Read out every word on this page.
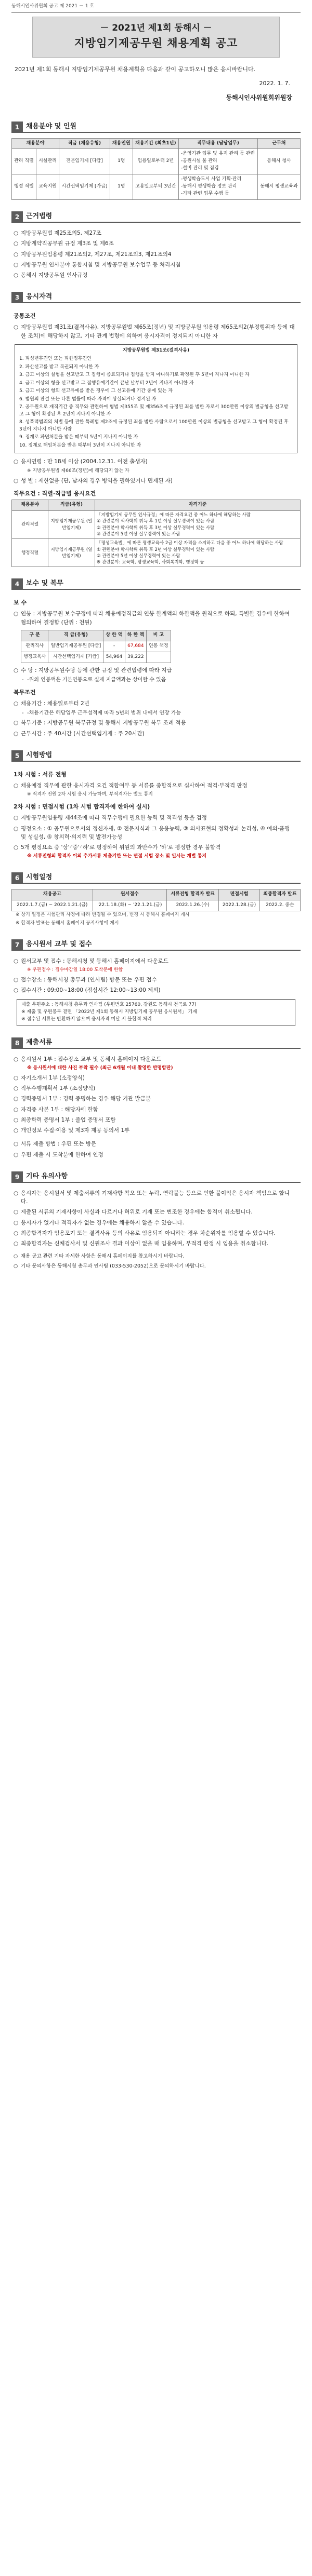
동해시인사위원회 공고 제 2021 － 1 호
－ 2021년 제1회 동해시 －
지방임기제공무원 채용계획 공고
2021년 제1회 동해시 지방임기제공무원 채용계획을 다음과 같이 공고하오니 많은 응시바랍니다.
2022. 1. 7.
동해시인사위원회위원장
1 채용분야 및 인원
채용분야		직급 (채용유형)	채용인원	채용기간 (최초1년)	직무내용 (담당업무)	근무처
관리 직렬	시설관리	전문임기제 [다급]	1명	임용일로부터 2년	-운영기관 업무 및 유지 관리 등 관련
-공원시설 물 관리
-설비 관리 및 점검	동해시 청사
행정 직렬	교육지원	시간선택임기제 [가급]	1명	고용일로부터 3년간	-평생학습도시 사업 기획·관리
-동해시 평생학습 정보 관리
-기타 관련 업무 수행 등	동해시 평생교육과
2 근거법령
○ 지방공무원법 제25조의5, 제27조
○ 지방계약직공무원 규정 제3조 및 제6조
○ 지방공무원임용령 제21조의2, 제27조, 제21조의3, 제21조의4
○ 지방공무원 인사분야 통합지침 및 지방공무원 보수업무 등 처리지침
○ 동해시 지방공무원 인사규정
3 응시자격
공통조건
○ 지방공무원법 제31조(결격사유), 지방공무원법 제65조(정년) 및 지방공무원 임용령 제65조의2(부정행위자 등에 대한 조치)에 해당하지 않고, 기타 관계 법령에 의하여 응시자격이 정지되지 아니한 자
지방공무원법 제31조(결격사유)

1. 피성년후견인 또는 피한정후견인

2. 파산선고를 받고 복권되지 아니한 자

3. 금고 이상의 실형을 선고받고 그 집행이 종료되거나 집행을 받지 아니하기로 확정된 후 5년이 지나지 아니한 자

4. 금고 이상의 형을 선고받고 그 집행유예기간이 끝난 날부터 2년이 지나지 아니한 자

5. 금고 이상의 형의 선고유예를 받은 경우에 그 선고유예 기간 중에 있는 자

6. 법원의 판결 또는 다른 법률에 따라 자격이 상실되거나 정지된 자

7. 공무원으로 재직기간 중 직무와 관련하여 형법 제355조 및 제356조에 규정된 죄를 범한 자로서 300만원 이상의 벌금형을 선고받고 그 형이 확정된 후 2년이 지나지 아니한 자

8. 성폭력범죄의 처벌 등에 관한 특례법 제2조에 규정된 죄를 범한 사람으로서 100만원 이상의 벌금형을 선고받고 그 형이 확정된 후 3년이 지나지 아니한 사람

9. 징계로 파면처분을 받은 때부터 5년이 지나지 아니한 자

10. 징계로 해임처분을 받은 때부터 3년이 지나지 아니한 자

○ 응시연령 : 만 18세 이상 (2004.12.31. 이전 출생자)
※ 지방공무원법 제66조(정년)에 해당되지 않는 자
○ 성 별 : 제한없음 (단, 남자의 경우 병역을 필하였거나 면제된 자)
직무요건 : 직렬·직급별 응시요건
채용분야	직급(유형)	자격기준
관리직렬	지방임기제공무원 (일반임기제)	「지방임기제 공무원 인사규정」에 따른 자격요건 중 어느 하나에 해당하는 사람
① 관련분야 석사학위 취득 후 1년 이상 실무경력이 있는 사람
② 관련분야 학사학위 취득 후 3년 이상 실무경력이 있는 사람
③ 관련분야 5년 이상 실무경력이 있는 사람
행정직렬	지방임기제공무원 (일반임기제)	「평생교육법」에 따른 평생교육사 2급 이상 자격을 소지하고 다음 중 어느 하나에 해당하는 사람
① 관련분야 학사학위 취득 후 2년 이상 실무경력이 있는 사람
② 관련분야 5년 이상 실무경력이 있는 사람
※ 관련분야: 교육학, 평생교육학, 사회복지학, 행정학 등
4 보수 및 복무
보 수
○ 연봉 : 지방공무원 보수규정에 따라 채용예정직급의 연봉 한계액의 하한액을 원칙으로 하되, 특별한 경우에 한하여 협의하여 결정함 (단위 : 천원)
구 분	직 급(유형)	상 한 액	하 한 액	비 고
관리직사	일반임기제공무원 [다급]	-	67,684	연봉 책정
행정교육사	시간선택임기제 [가급]	54,964	39,222	
○ 수 당 : 지방공무원수당 등에 관한 규정 및 관련법령에 따라 지급
- -위의 연봉액은 기본연봉으로 실제 지급액과는 상이할 수 있음
복무조건
○ 채용기간 : 채용일로부터 2년
- -채용기간은 해당업무 근무성적에 따라 5년의 범위 내에서 연장 가능
○ 복무기준 : 지방공무원 복무규정 및 동해시 지방공무원 복무 조례 적용
○ 근무시간 : 주 40시간 (시간선택임기제 : 주 20시간)
5 시험방법
1차 시험 : 서류 전형
○ 채용예정 직무에 관한 응시자격 요건 적합여부 등 서류를 종합적으로 심사하여 적격·부적격 판정
※ 적격자 전원 2차 시험 응시 가능하며, 부적격자는 별도 통지
2차 시험 : 면접시험 (1차 시험 합격자에 한하여 실시)
○ 지방공무원임용령 제44조에 따라 직무수행에 필요한 능력 및 적격성 등을 검정
○ 평정요소 : ① 공무원으로서의 정신자세, ② 전문지식과 그 응용능력, ③ 의사표현의 정확성과 논리성, ④ 예의·품행 및 성실성, ⑤ 창의력·의지력 및 발전가능성
○ 5개 평정요소 중 '상'·'중'·'하'로 평정하여 위원의 과반수가 '하'로 평정한 경우 불합격
※ 서류전형의 합격자 이외 추가서류 제출기한 또는 면접 시험 장소 및 일시는 개별 통지
6 시험일정
채용공고	원서접수	서류전형 합격자 발표	면접시험	최종합격자 발표
2022.1.7.(금) ~ 2022.1.21.(금)	'22.1.18.(화) ~ '22.1.21.(금)	2022.1.26.(수)	2022.1.28.(금)	2022.2. 중순
※ 상기 일정은 시험관리 사정에 따라 변경될 수 있으며, 변경 시 동해시 홈페이지 게시
※ 합격자 발표는 동해시 홈페이지 공지사항에 게시
7 응시원서 교부 및 접수
○ 원서교부 및 접수 : 동해시청 및 동해시 홈페이지에서 다운로드
※ 우편접수 : 접수마감일 18:00 도착분에 한함
○ 접수장소 : 동해시청 총무과 (인사팀) 방문 또는 우편 접수
○ 접수시간 : 09:00~18:00 (점심시간 12:00~13:00 제외)

제출 우편주소 : 동해시청 총무과 인사팀 (우편번호 25760, 강원도 동해시 천곡로 77)

※ 제출 및 우편봉투 겉면 「2022년 제1회 동해시 지방임기제 공무원 응시원서」 기재

※ 접수된 서류는 반환하지 않으며 응시자격 미달 시 불합격 처리

8 제출서류
○ 응시원서 1부 : 접수장소 교부 및 동해시 홈페이지 다운로드
※ 응시원서에 대한 사진 부착 필수 (최근 6개월 이내 촬영한 반명함판)
○ 자기소개서 1부 (소정양식)
○ 직무수행계획서 1부 (소정양식)
○ 경력증명서 1부 : 경력 증명하는 경우 해당 기관 발급분
○ 자격증 사본 1부 : 해당자에 한함
○ 최종학력 증명서 1부 : 졸업 증명서 포함
○ 개인정보 수집·이용 및 제3자 제공 동의서 1부
○ 서류 제출 방법 : 우편 또는 방문
○ 우편 제출 시 도착분에 한하여 인정
9 기타 유의사항
○ 응시자는 응시원서 및 제출서류의 기재사항 착오 또는 누락, 연락불능 등으로 인한 불이익은 응시자 책임으로 합니다.
○ 제출된 서류의 기재사항이 사실과 다르거나 허위로 기재 또는 변조한 경우에는 합격이 취소됩니다.
○ 응시자가 없거나 적격자가 없는 경우에는 채용하지 않을 수 있습니다.
○ 최종합격자가 임용포기 또는 결격사유 등의 사유로 임용되지 아니하는 경우 차순위자를 임용할 수 있습니다.
○ 최종합격자는 신체검사서 및 신원조사 결과 이상이 없을 때 임용하며, 부적격 판정 시 임용을 취소합니다.
○ 채용 공고 관련 기타 자세한 사항은 동해시 홈페이지를 참고하시기 바랍니다.
○ 기타 문의사항은 동해시청 총무과 인사팀 (033-530-2052)으로 문의하시기 바랍니다.
